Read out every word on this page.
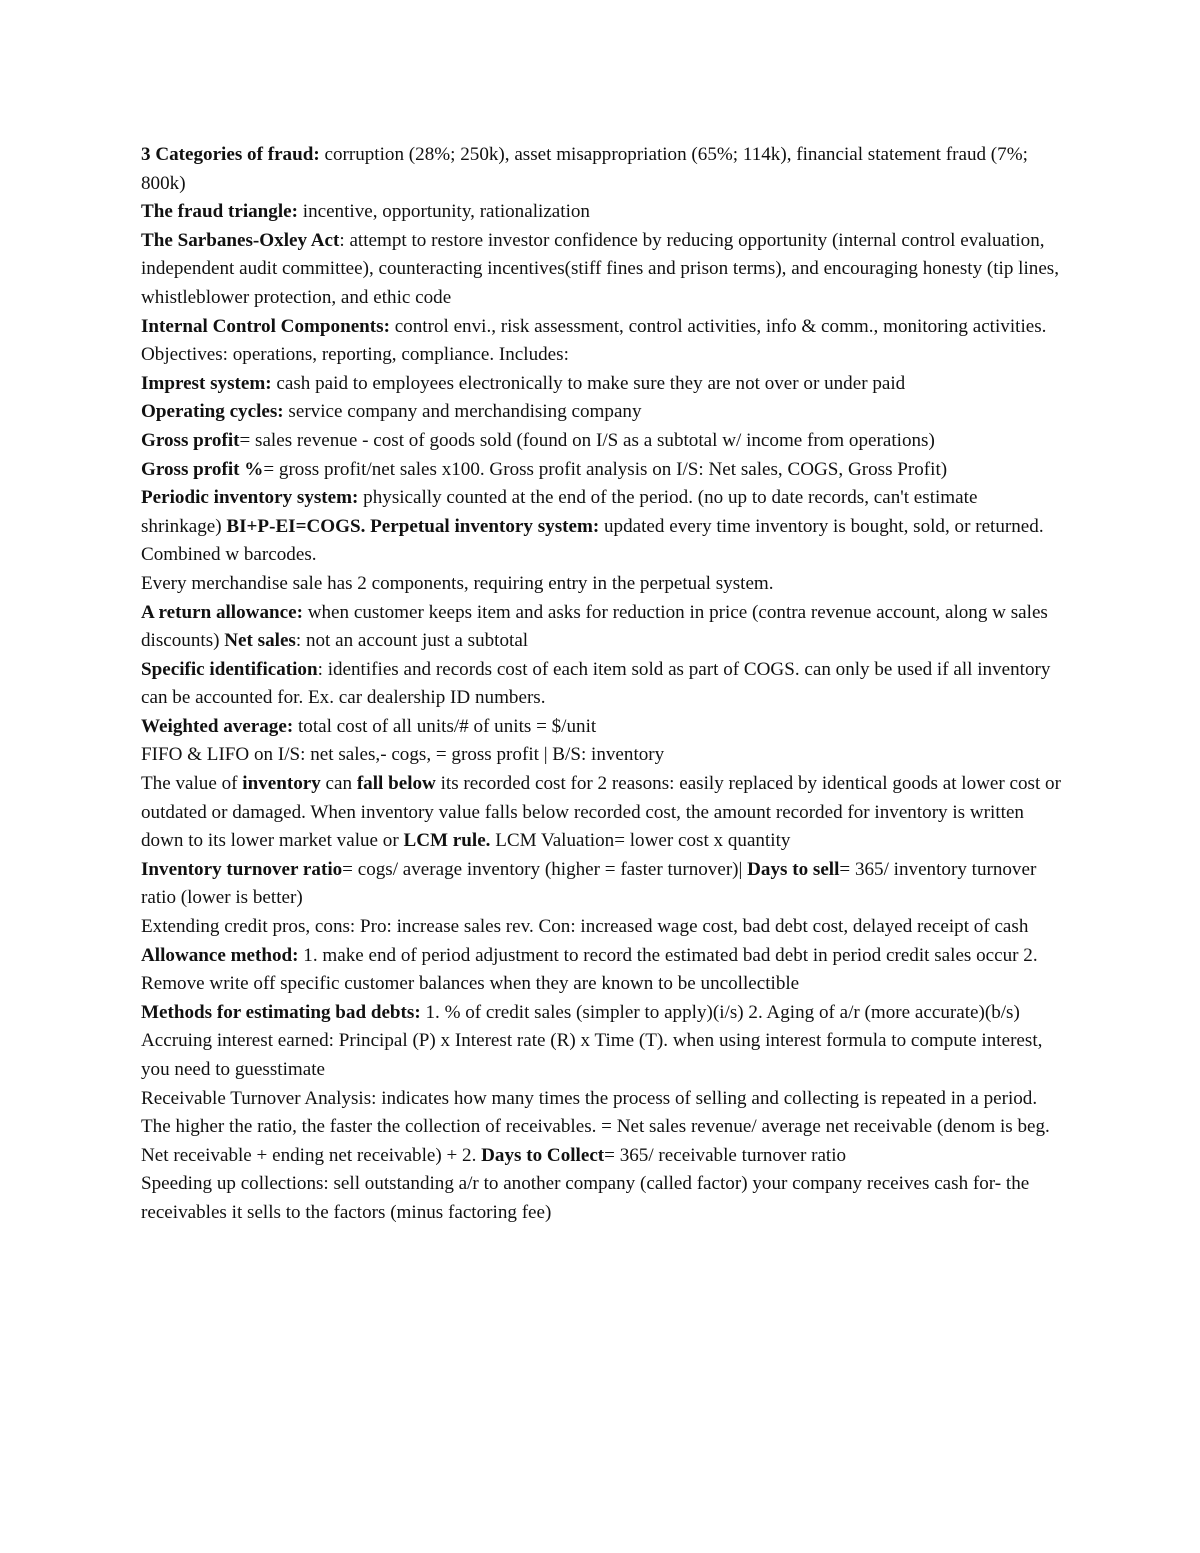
3 Categories of fraud: corruption (28%; 250k), asset misappropriation (65%; 114k), financial statement fraud (7%; 800k)

The fraud triangle: incentive, opportunity, rationalization

The Sarbanes-Oxley Act: attempt to restore investor confidence by reducing opportunity (internal control evaluation, independent audit committee), counteracting incentives(stiff fines and prison terms), and encouraging honesty (tip lines, whistleblower protection, and ethic code

Internal Control Components: control envi., risk assessment, control activities, info & comm., monitoring activities. Objectives: operations, reporting, compliance. Includes:

Imprest system: cash paid to employees electronically to make sure they are not over or under paid

Operating cycles: service company and merchandising company

Gross profit= sales revenue - cost of goods sold (found on I/S as a subtotal w/ income from operations)

Gross profit %= gross profit/net sales x100. Gross profit analysis on I/S: Net sales, COGS, Gross Profit)

Periodic inventory system: physically counted at the end of the period. (no up to date records, can't estimate shrinkage) BI+P-EI=COGS. Perpetual inventory system: updated every time inventory is bought, sold, or returned. Combined w barcodes.

Every merchandise sale has 2 components, requiring entry in the perpetual system.

A return allowance: when customer keeps item and asks for reduction in price (contra revenue account, along w sales discounts) Net sales: not an account just a subtotal

Specific identification: identifies and records cost of each item sold as part of COGS. can only be used if all inventory can be accounted for. Ex. car dealership ID numbers.

Weighted average: total cost of all units/# of units = $/unit

FIFO & LIFO on I/S: net sales,- cogs, = gross profit | B/S: inventory

The value of inventory can fall below its recorded cost for 2 reasons: easily replaced by identical goods at lower cost or outdated or damaged. When inventory value falls below recorded cost, the amount recorded for inventory is written down to its lower market value or LCM rule. LCM Valuation= lower cost x quantity

Inventory turnover ratio= cogs/ average inventory (higher = faster turnover)| Days to sell= 365/ inventory turnover ratio (lower is better)

Extending credit pros, cons: Pro: increase sales rev. Con: increased wage cost, bad debt cost, delayed receipt of cash

Allowance method: 1. make end of period adjustment to record the estimated bad debt in period credit sales occur 2. Remove write off specific customer balances when they are known to be uncollectible

Methods for estimating bad debts: 1. % of credit sales (simpler to apply)(i/s) 2. Aging of a/r (more accurate)(b/s)

Accruing interest earned: Principal (P) x Interest rate (R) x Time (T). when using interest formula to compute interest, you need to guesstimate

Receivable Turnover Analysis: indicates how many times the process of selling and collecting is repeated in a period. The higher the ratio, the faster the collection of receivables. = Net sales revenue/ average net receivable (denom is beg. Net receivable + ending net receivable) + 2. Days to Collect= 365/ receivable turnover ratio

Speeding up collections: sell outstanding a/r to another company (called factor) your company receives cash for- the receivables it sells to the factors (minus factoring fee)
